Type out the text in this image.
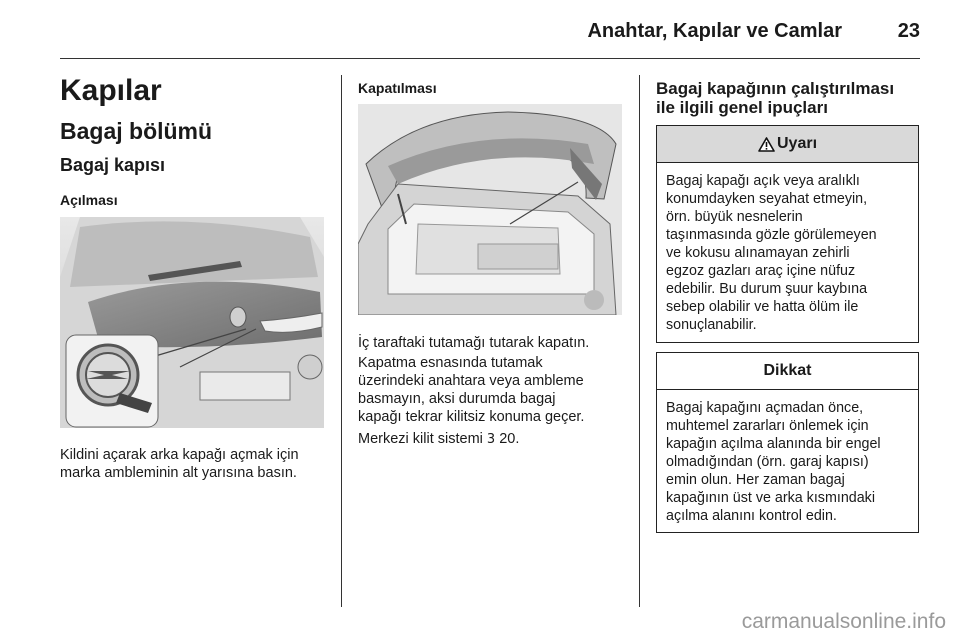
Anahtar, Kapılar ve Camlar	23
Kapılar
Bagaj bölümü
Bagaj kapısı
Açılması

Kildini açarak arka kapağı açmak için
marka ambleminin alt yarısına basın.

Kapatılması

İç taraftaki tutamağı tutarak kapatın.

Kapatma esnasında tutamak
üzerindeki anahtara veya ambleme
basmayın, aksi durumda bagaj
kapağı tekrar kilitsiz konuma geçer.

Merkezi kilit sistemi 3 20.

Bagaj kapağının çalıştırılması
ile ilgili genel ipuçları
Uyarı
Bagaj kapağı açık veya aralıklı
konumdayken seyahat etmeyin,
örn. büyük nesnelerin
taşınmasında gözle görülemeyen
ve kokusu alınamayan zehirli
egzoz gazları araç içine nüfuz
edebilir. Bu durum şuur kaybına
sebep olabilir ve hatta ölüm ile
sonuçlanabilir.
Dikkat
Bagaj kapağını açmadan önce,
muhtemel zararları önlemek için
kapağın açılma alanında bir engel
olmadığından (örn. garaj kapısı)
emin olun. Her zaman bagaj
kapağının üst ve arka kısmındaki
açılma alanını kontrol edin.
carmanualsonline.info
